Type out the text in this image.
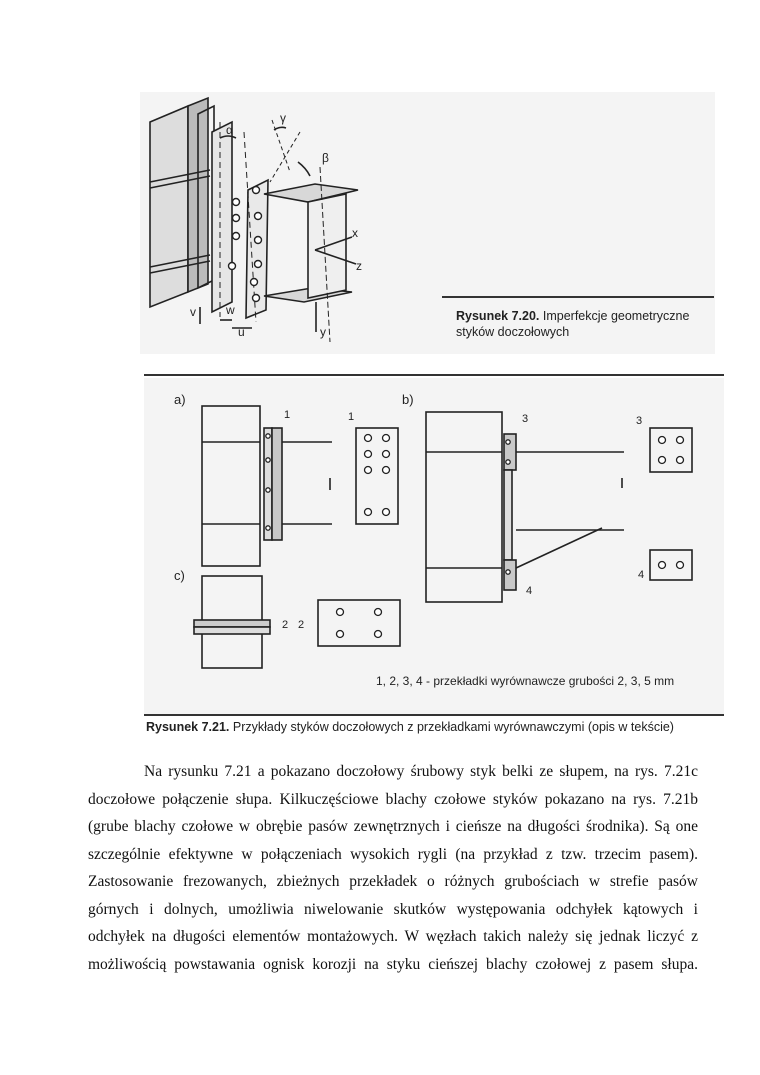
α
γ
β
x
z
y
v	w
u
Rysunek 7.20. Imperfekcje geometryczne
styków doczołowych
a)	b)
c)
1	1	3	3
4
4
2 2
1, 2, 3, 4 - przekładki wyrównawcze grubości 2, 3, 5 mm
Rysunek 7.21. Przykłady styków doczołowych z przekładkami wyrównawczymi (opis w tekście)
Na rysunku 7.21 a pokazano doczołowy śrubowy styk belki ze słupem, na rys. 7.21c
doczołowe połączenie słupa. Kilkuczęściowe blachy czołowe styków pokazano na rys. 7.21b
(grube blachy czołowe w obrębie pasów zewnętrznych i cieńsze na długości środnika). Są one
szczególnie efektywne w połączeniach wysokich rygli (na przykład z tzw. trzecim pasem).
Zastosowanie frezowanych, zbieżnych przekładek o różnych grubościach w strefie pasów
górnych i dolnych, umożliwia niwelowanie skutków występowania odchyłek kątowych i
odchyłek na długości elementów montażowych. W węzłach takich należy się jednak liczyć z
możliwością powstawania ognisk korozji na styku cieńszej blachy czołowej z pasem słupa.
